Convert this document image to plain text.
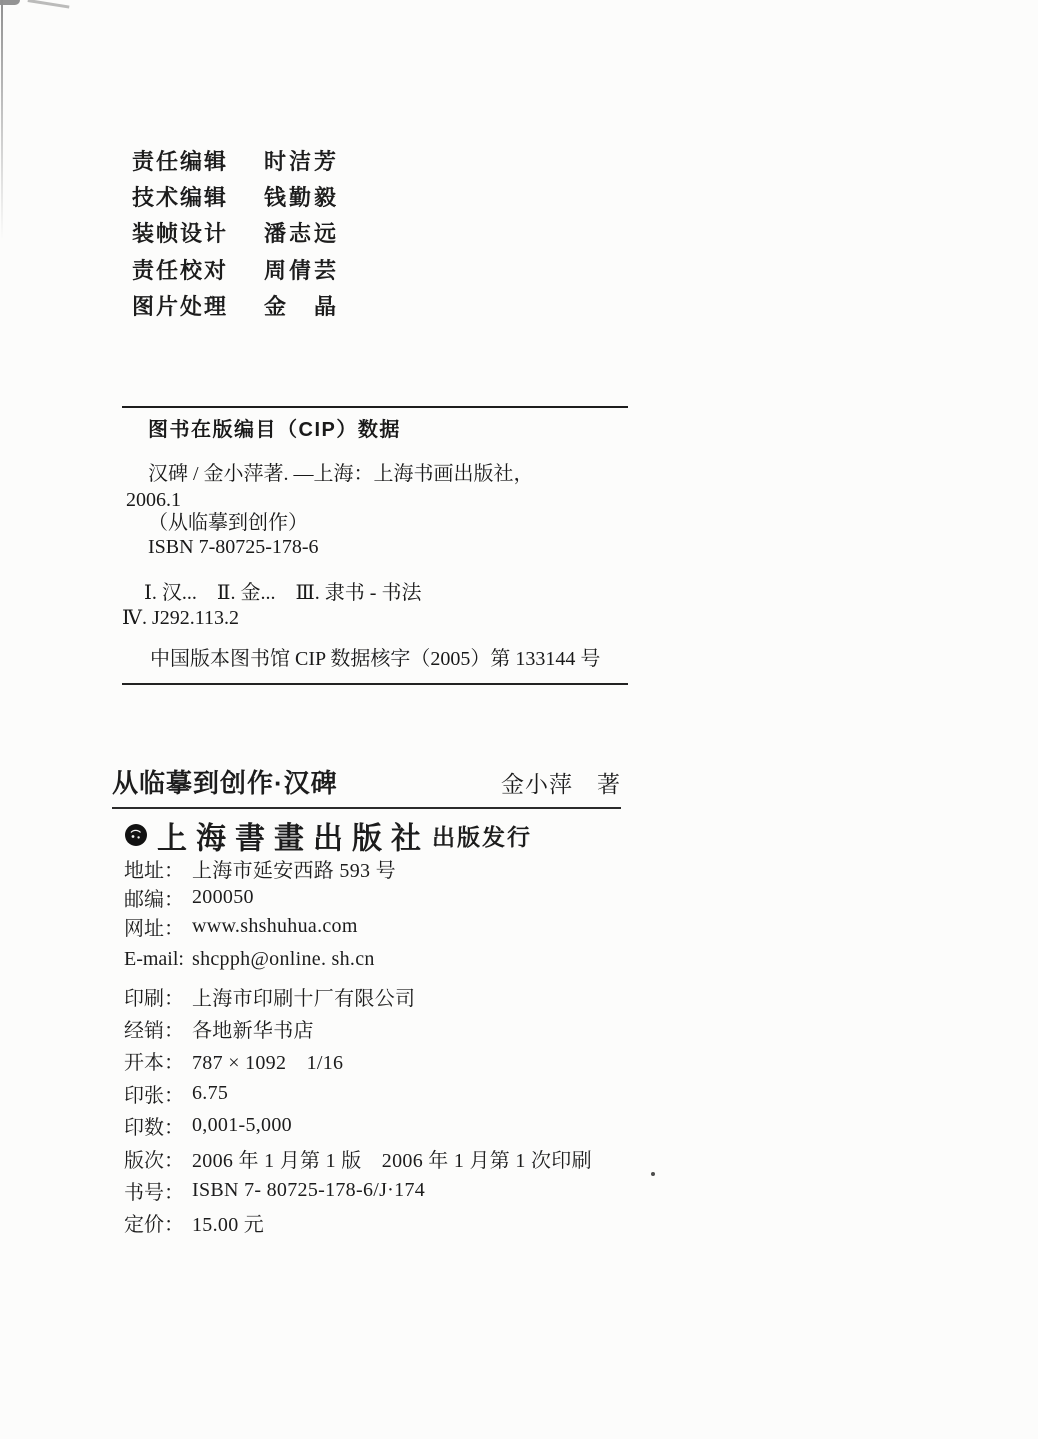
责任编辑 时洁芳
技术编辑 钱勤毅
装帧设计 潘志远
责任校对 周倩芸
图片处理 金　晶
图书在版编目（CIP）数据
汉碑 / 金小萍著. —上海：上海书画出版社，
2006.1
（从临摹到创作）
ISBN 7-80725-178-6
Ⅰ. 汉...　Ⅱ. 金...　Ⅲ. 隶书 - 书法
Ⅳ. J292.113.2
中国版本图书馆 CIP 数据核字（2005）第 133144 号
从临摹到创作·汉碑	金小萍　著
上海書畫出版社 出版发行
地址： 上海市延安西路 593 号
邮编： 200050
网址： www.shshuhua.com
E-mail: shcpph@online. sh.cn
印刷： 上海市印刷十厂有限公司
经销： 各地新华书店
开本： 787 × 1092　1/16
印张： 6.75
印数： 0,001-5,000
版次： 2006 年 1 月第 1 版　2006 年 1 月第 1 次印刷
书号： ISBN 7- 80725-178-6/J·174
定价： 15.00 元
